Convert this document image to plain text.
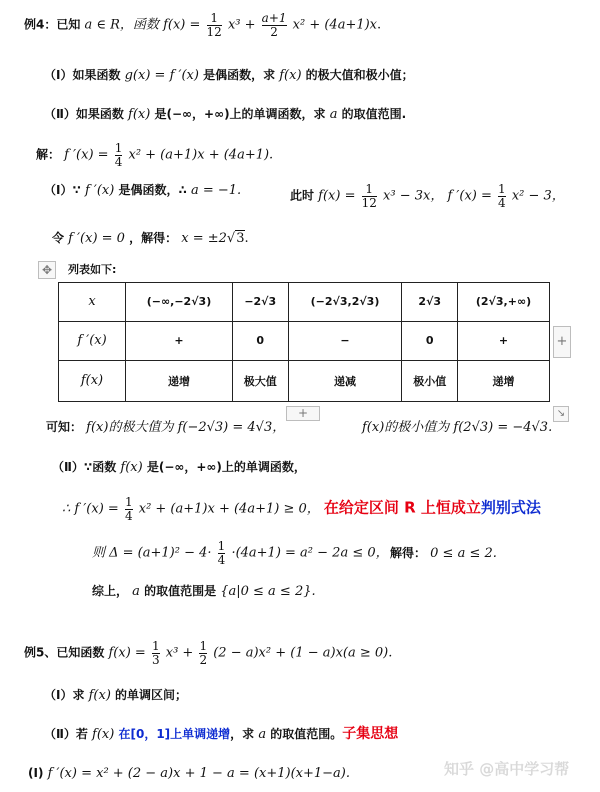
例4：已知 a ∈ R，函数 $f(x) = \frac{1}{12} x^3 + \frac{a+1}{2} x^2 + (4a+1)x$.
（Ⅰ）如果函数 g(x) = f ′(x) 是偶函数，求 f(x) 的极大值和极小值；
（Ⅱ）如果函数 f(x) 是(−∞，+∞)上的单调函数，求 a 的取值范围.
解： f $'(x) = \frac{1}{4} x^2 + (a+1)x + (4a+1)$.
（Ⅰ）∵ f ′(x) 是偶函数，∴ a = −1.	此时 $f(x) = \frac{1}{12} x^3 - 3x$， f $'(x) = \frac{1}{4} x^2 - 3$，
令 f ′(x) = 0 ，解得： x = ±2√3.
✥	列表如下:
x	(−∞,−2√3)	−2√3	(−2√3,2√3)	2√3	(2√3,+∞)
f ′(x)	+	0	−	0	+
f(x)	递增	极大值	递减	极小值	递增
+
+	↘
可知： f(x)的极大值为 f(−2√3) = 4√3，	f(x)的极小值为 f(2√3) = −4√3.
（Ⅱ）∵函数 f(x) 是(−∞，+∞)上的单调函数，
∴ f $'(x) = \frac{1}{4} x^2 + (a+1)x + (4a+1) \ge 0$， 在给定区间 R 上恒成立判别式法
则 $\Delta = (a+1)^2 - 4\cdot \frac{1}{4} \cdot(4a+1) = a^2 - 2a \le 0$， 解得： 0 ≤ a ≤ 2.
综上， a 的取值范围是 {a|0 ≤ a ≤ 2}.
例5、已知函数 $f(x) = \frac{1}{3} x^3 + \frac{1}{2} (2 - a)x^2 + (1 - a)x(a \ge 0)$.
（Ⅰ）求 f(x) 的单调区间；
（Ⅱ）若 f(x) 在[0，1]上单调递增，求 a 的取值范围。子集思想
(Ⅰ) f ′(x) = x² + (2 − a)x + 1 − a = (x+1)(x+1−a).	知乎 @高中学习帮
